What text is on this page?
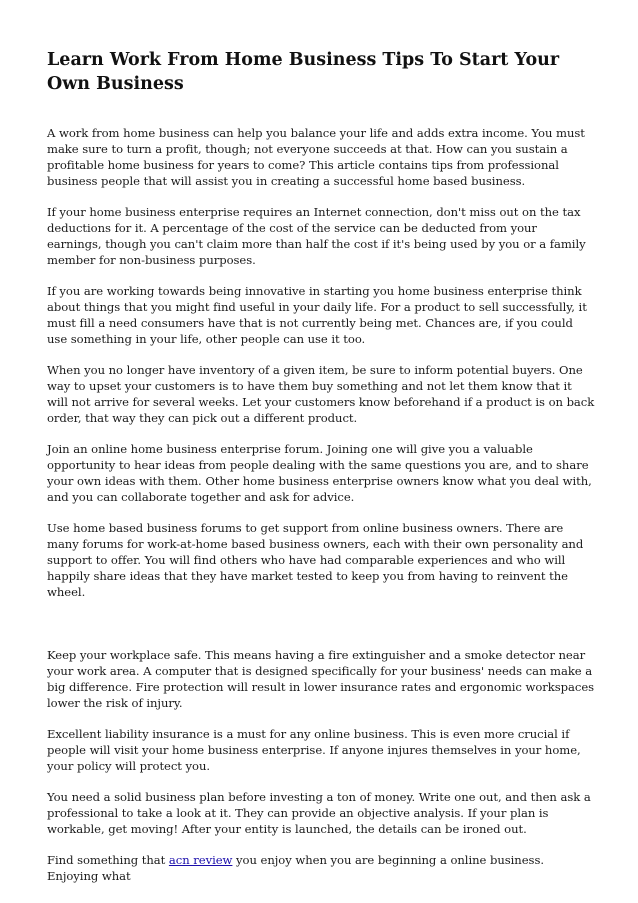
Learn Work From Home Business Tips To Start Your Own Business

A work from home business can help you balance your life and adds extra income. You must make sure to turn a profit, though; not everyone succeeds at that. How can you sustain a profitable home business for years to come? This article contains tips from professional business people that will assist you in creating a successful home based business.

If your home business enterprise requires an Internet connection, don't miss out on the tax deductions for it. A percentage of the cost of the service can be deducted from your earnings, though you can't claim more than half the cost if it's being used by you or a family member for non-business purposes.

If you are working towards being innovative in starting you home business enterprise think about things that you might find useful in your daily life. For a product to sell successfully, it must fill a need consumers have that is not currently being met. Chances are, if you could use something in your life, other people can use it too.

When you no longer have inventory of a given item, be sure to inform potential buyers. One way to upset your customers is to have them buy something and not let them know that it will not arrive for several weeks. Let your customers know beforehand if a product is on back order, that way they can pick out a different product.

Join an online home business enterprise forum. Joining one will give you a valuable opportunity to hear ideas from people dealing with the same questions you are, and to share your own ideas with them. Other home business enterprise owners know what you deal with, and you can collaborate together and ask for advice.

Use home based business forums to get support from online business owners. There are many forums for work-at-home based business owners, each with their own personality and support to offer. You will find others who have had comparable experiences and who will happily share ideas that they have market tested to keep you from having to reinvent the wheel.

Keep your workplace safe. This means having a fire extinguisher and a smoke detector near your work area. A computer that is designed specifically for your business' needs can make a big difference. Fire protection will result in lower insurance rates and ergonomic workspaces lower the risk of injury.

Excellent liability insurance is a must for any online business. This is even more crucial if people will visit your home business enterprise. If anyone injures themselves in your home, your policy will protect you.

You need a solid business plan before investing a ton of money. Write one out, and then ask a professional to take a look at it. They can provide an objective analysis. If your plan is workable, get moving! After your entity is launched, the details can be ironed out.

Find something that acn review you enjoy when you are beginning a online business. Enjoying what
